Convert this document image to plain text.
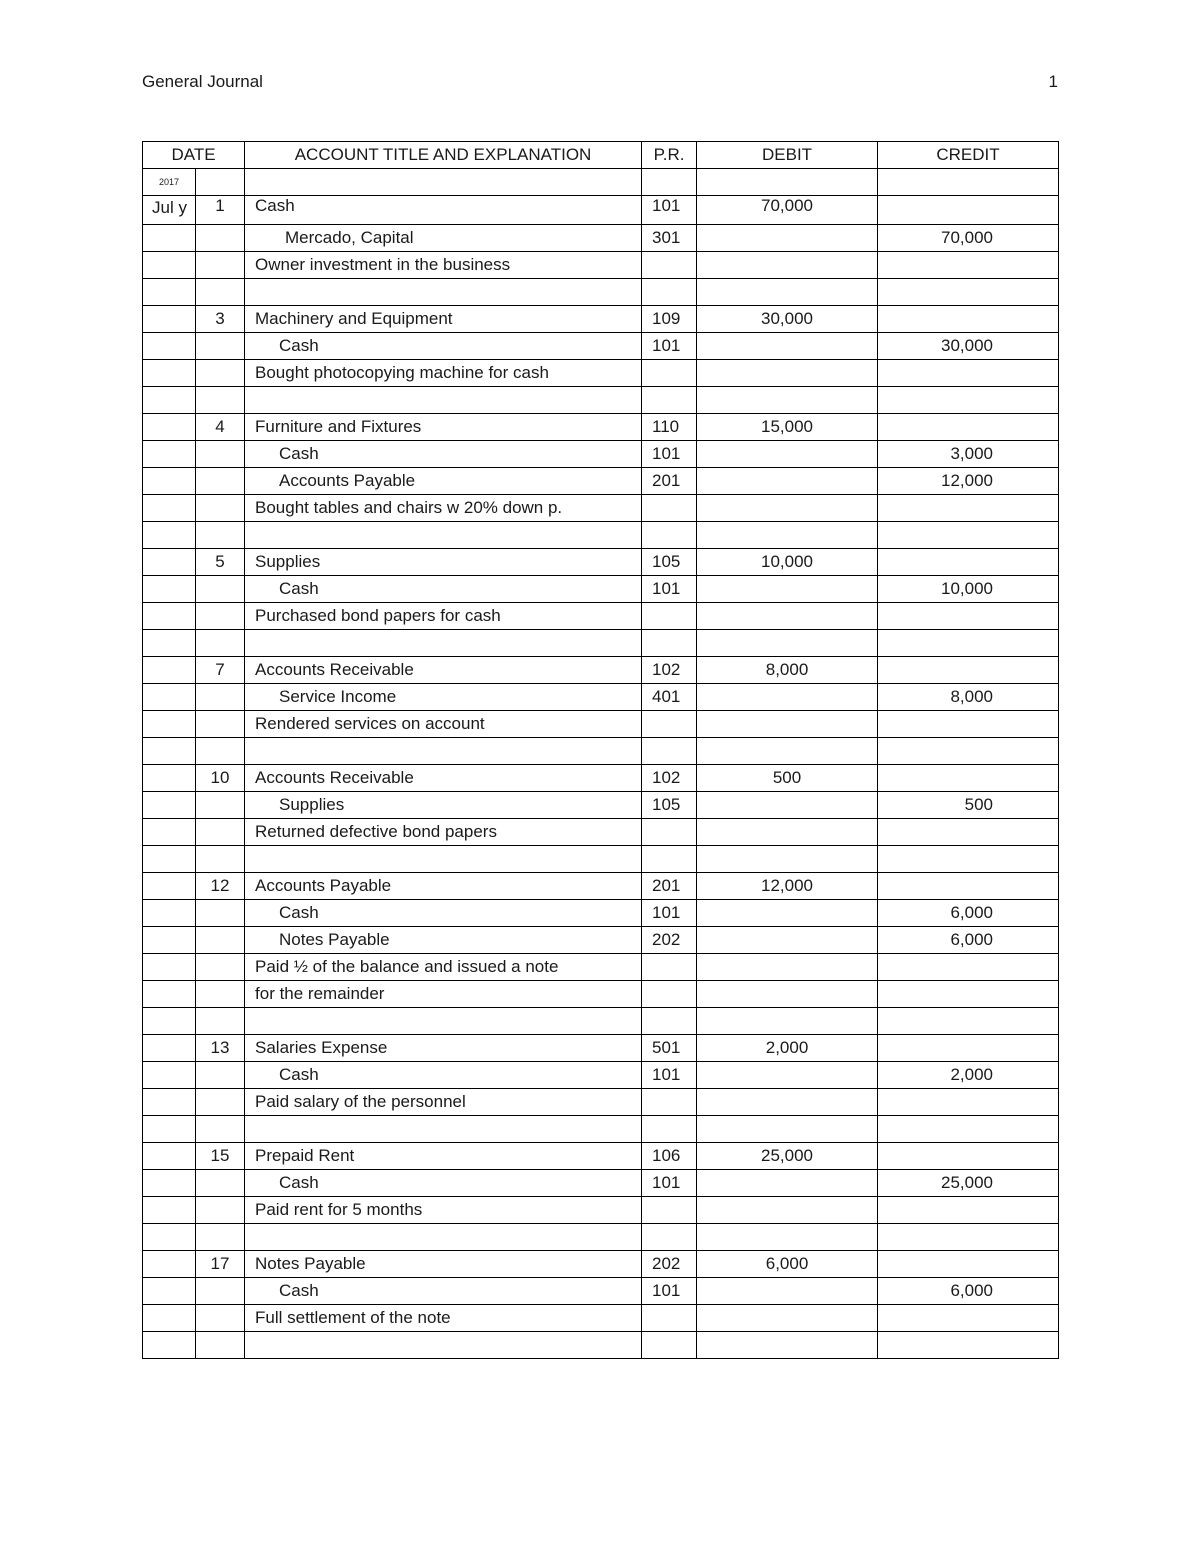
General Journal	1
DATE		ACCOUNT TITLE AND EXPLANATION	P.R.	DEBIT	CREDIT
2017					
Jul y	1	Cash	101	70,000	
		Mercado, Capital	301		70,000
		Owner investment in the business			

	3	Machinery and Equipment	109	30,000	
		Cash	101		30,000
		Bought photocopying machine for cash			

	4	Furniture and Fixtures	110	15,000	
		Cash	101		3,000
		Accounts Payable	201		12,000
		Bought tables and chairs w 20% down p.			

	5	Supplies	105	10,000	
		Cash	101		10,000
		Purchased bond papers for cash			

	7	Accounts Receivable	102	8,000	
		Service Income	401		8,000
		Rendered services on account			

	10	Accounts Receivable	102	500	
		Supplies	105		500
		Returned defective bond papers			

	12	Accounts Payable	201	12,000	
		Cash	101		6,000
		Notes Payable	202		6,000
		Paid ½ of the balance and issued a note			
		for the remainder			

	13	Salaries Expense	501	2,000	
		Cash	101		2,000
		Paid salary of the personnel			

	15	Prepaid Rent	106	25,000	
		Cash	101		25,000
		Paid rent for 5 months			

	17	Notes Payable	202	6,000	
		Cash	101		6,000
		Full settlement of the note			
